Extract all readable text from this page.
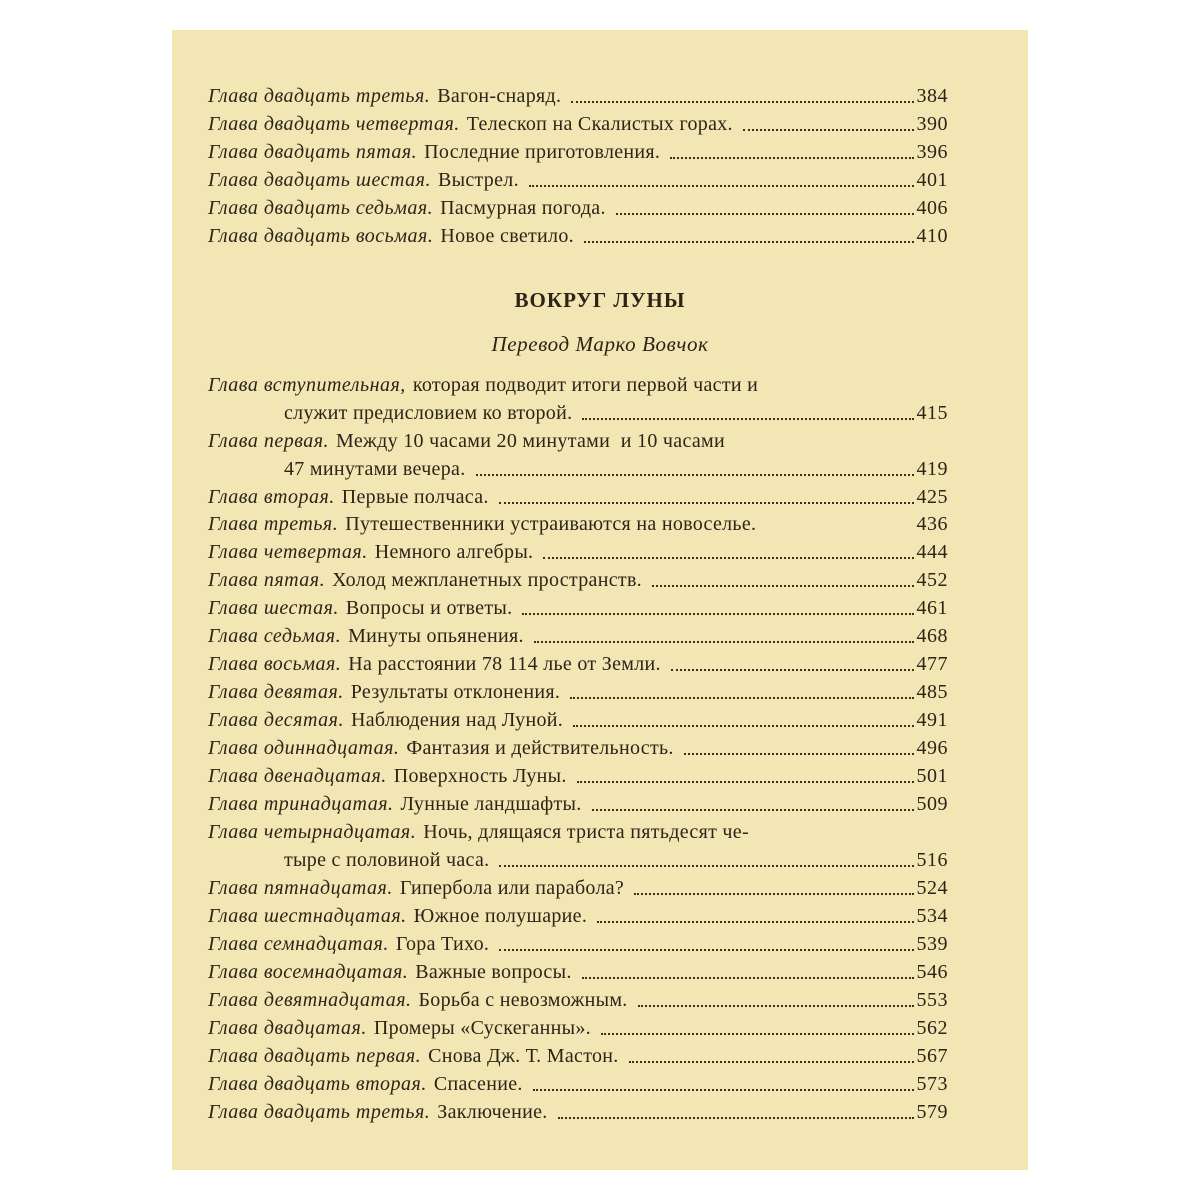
Глава двадцать третья. Вагон-снаряд.	384
Глава двадцать четвертая. Телескоп на Скалистых горах.	390
Глава двадцать пятая. Последние приготовления.	396
Глава двадцать шестая. Выстрел.	401
Глава двадцать седьмая. Пасмурная погода.	406
Глава двадцать восьмая. Новое светило.	410
ВОКРУГ ЛУНЫ
Перевод Марко Вовчок
Глава вступительная, которая подводит итоги первой части и
служит предисловием ко второй.	415
Глава первая. Между 10 часами 20 минутами  и 10 часами
47 минутами вечера.	419
Глава вторая. Первые полчаса.	425
Глава третья. Путешественники устраиваются на новоселье.	436
Глава четвертая. Немного алгебры.	444
Глава пятая. Холод межпланетных пространств.	452
Глава шестая. Вопросы и ответы.	461
Глава седьмая. Минуты опьянения.	468
Глава восьмая. На расстоянии 78 114 лье от Земли.	477
Глава девятая. Результаты отклонения.	485
Глава десятая. Наблюдения над Луной.	491
Глава одиннадцатая. Фантазия и действительность.	496
Глава двенадцатая. Поверхность Луны.	501
Глава тринадцатая. Лунные ландшафты.	509
Глава четырнадцатая. Ночь, длящаяся триста пятьдесят че-
тыре с половиной часа.	516
Глава пятнадцатая. Гипербола или парабола?	524
Глава шестнадцатая. Южное полушарие.	534
Глава семнадцатая. Гора Тихо.	539
Глава восемнадцатая. Важные вопросы.	546
Глава девятнадцатая. Борьба с невозможным.	553
Глава двадцатая. Промеры «Сускеганны».	562
Глава двадцать первая. Снова Дж. Т. Мастон.	567
Глава двадцать вторая. Спасение.	573
Глава двадцать третья. Заключение.	579
